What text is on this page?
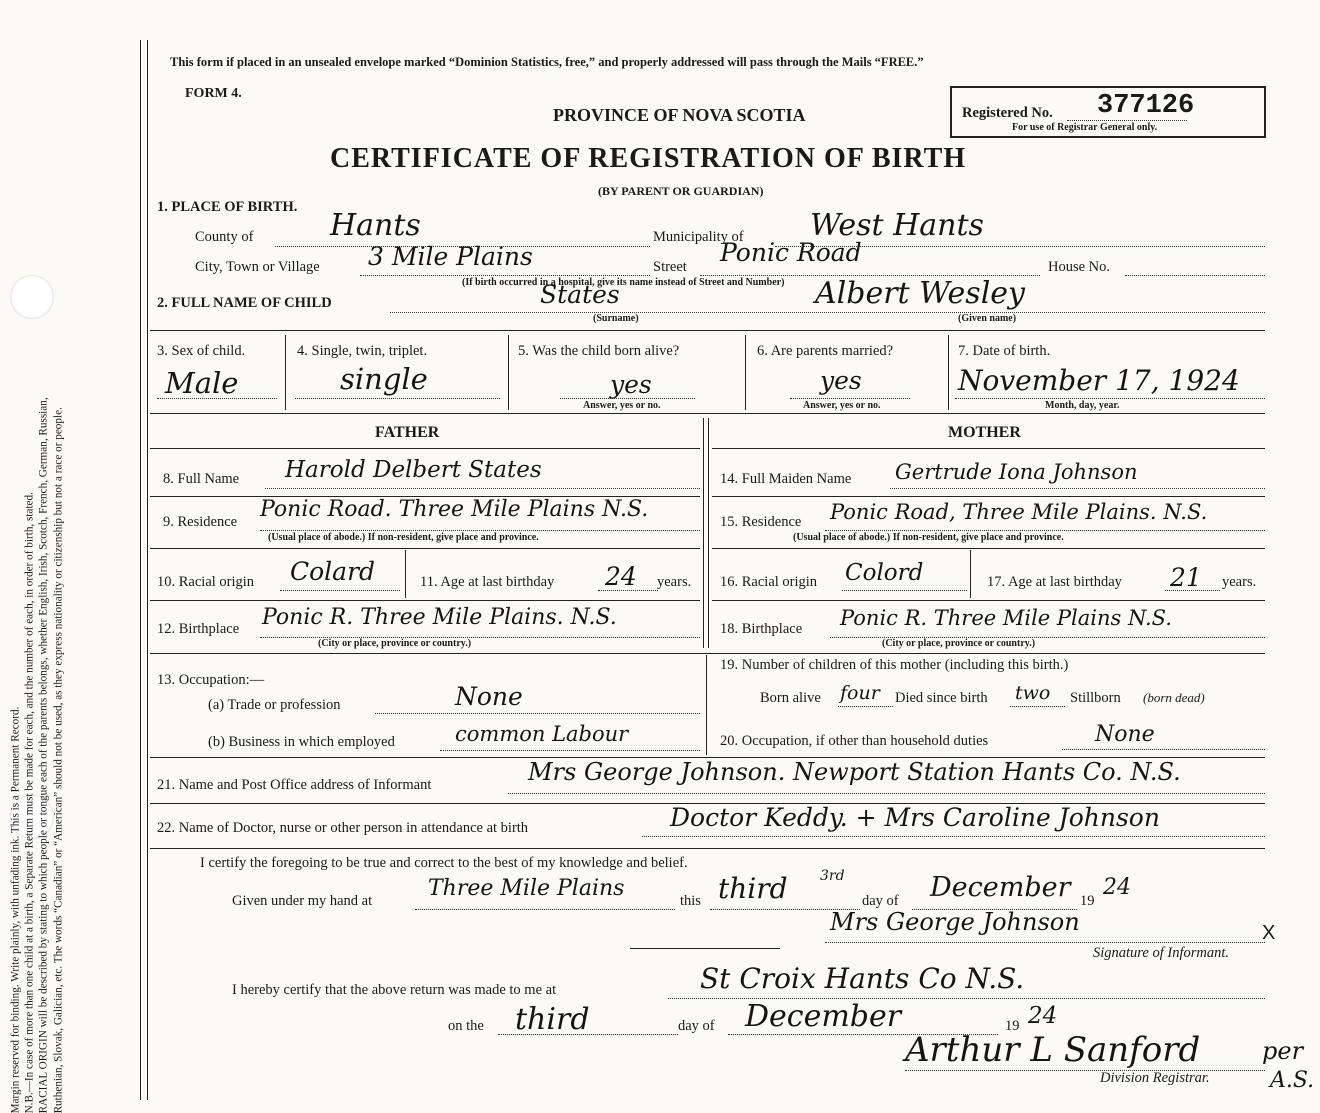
Margin reserved for binding. Write plainly, with unfading ink. This is a Permanent Record. N.B.—In case of more than one child at a birth, a Separate Return must be made for each, and the number of each, in order of birth, stated. RACIAL ORIGIN will be described by stating to which people or tongue each of the parents belongs, whether English, Irish, Scotch, French, German, Russian, Ruthenian, Slovak, Galician, etc. The words “Canadian” or “American” should not be used, as they express nationality or citizenship but not a race or people.
This form if placed in an unsealed envelope marked “Dominion Statistics, free,” and properly addressed will pass through the Mails “FREE.”
FORM 4.
PROVINCE OF NOVA SCOTIA
CERTIFICATE OF REGISTRATION OF BIRTH
(BY PARENT OR GUARDIAN)
Registered No. 377126
For use of Registrar General only.
1. PLACE OF BIRTH.
County of	Hants	Municipality of West Hants
City, Town or Village 3 Mile Plains	Street Ponic Road	House No.
(If birth occurred in a hospital, give its name instead of Street and Number)
2. FULL NAME OF CHILD	States	Albert Wesley
(Surname)	(Given name)
3. Sex of child.
Male
4. Single, twin, triplet.
single
5. Was the child born alive?
yes
Answer, yes or no.
6. Are parents married?
yes
Answer, yes or no.
7. Date of birth.
November 17, 1924
Month, day, year.
FATHER	MOTHER
8. Full Name Harold Delbert States
9. Residence Ponic Road. Three Mile Plains N.S.
(Usual place of abode.) If non-resident, give place and province.
10. Racial origin Colard	11. Age at last birthday 24 years.
12. Birthplace Ponic R. Three Mile Plains. N.S.
(City or place, province or country.)
13. Occupation:—
(a) Trade or profession	None
(b) Business in which employed	common Labour
14. Full Maiden Name Gertrude Iona Johnson
15. Residence Ponic Road, Three Mile Plains. N.S.
(Usual place of abode.) If non-resident, give place and province.
16. Racial origin Colord	17. Age at last birthday 21 years.
18. Birthplace Ponic R. Three Mile Plains N.S.
(City or place, province or country.)
19. Number of children of this mother (including this birth.)
Born alive four Died since birth two Stillborn (born dead)
20. Occupation, if other than household duties	None
21. Name and Post Office address of Informant	Mrs George Johnson. Newport Station Hants Co. N.S.
22. Name of Doctor, nurse or other person in attendance at birth	Doctor Keddy. + Mrs Caroline Johnson
I certify the foregoing to be true and correct to the best of my knowledge and belief.
Given under my hand at	Three Mile Plains	this third 3rd
day of December 19
24
Mrs George Johnson	X
Signature of Informant.
I hereby certify that the above return was made to me at	St Croix Hants Co N.S.
on the third	day of December	19 24
Arthur L Sanford	per
A.S.
Division Registrar.
